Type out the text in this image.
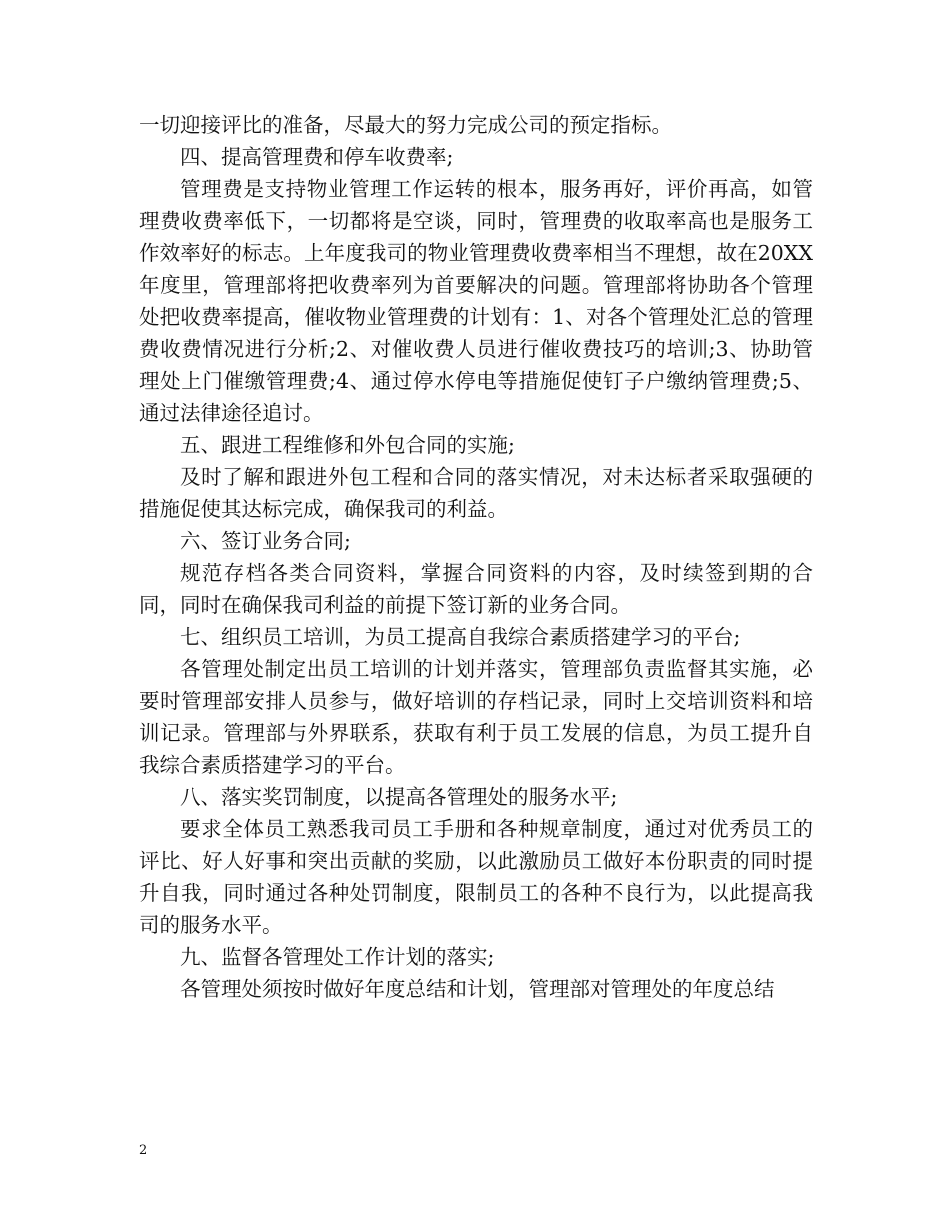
一切迎接评比的准备，尽最大的努力完成公司的预定指标。

四、提高管理费和停车收费率;

管理费是支持物业管理工作运转的根本，服务再好，评价再高，如管理费收费率低下，一切都将是空谈，同时，管理费的收取率高也是服务工作效率好的标志。上年度我司的物业管理费收费率相当不理想，故在20XX年度里，管理部将把收费率列为首要解决的问题。管理部将协助各个管理处把收费率提高，催收物业管理费的计划有：1、对各个管理处汇总的管理费收费情况进行分析;2、对催收费人员进行催收费技巧的培训;3、协助管理处上门催缴管理费;4、通过停水停电等措施促使钉子户缴纳管理费;5、通过法律途径追讨。

五、跟进工程维修和外包合同的实施;

及时了解和跟进外包工程和合同的落实情况，对未达标者采取强硬的措施促使其达标完成，确保我司的利益。

六、签订业务合同;

规范存档各类合同资料，掌握合同资料的内容，及时续签到期的合同，同时在确保我司利益的前提下签订新的业务合同。

七、组织员工培训，为员工提高自我综合素质搭建学习的平台;

各管理处制定出员工培训的计划并落实，管理部负责监督其实施，必要时管理部安排人员参与，做好培训的存档记录，同时上交培训资料和培训记录。管理部与外界联系，获取有利于员工发展的信息，为员工提升自我综合素质搭建学习的平台。

八、落实奖罚制度，以提高各管理处的服务水平;

要求全体员工熟悉我司员工手册和各种规章制度，通过对优秀员工的评比、好人好事和突出贡献的奖励，以此激励员工做好本份职责的同时提升自我，同时通过各种处罚制度，限制员工的各种不良行为，以此提高我司的服务水平。

九、监督各管理处工作计划的落实;

各管理处须按时做好年度总结和计划，管理部对管理处的年度总结

2
